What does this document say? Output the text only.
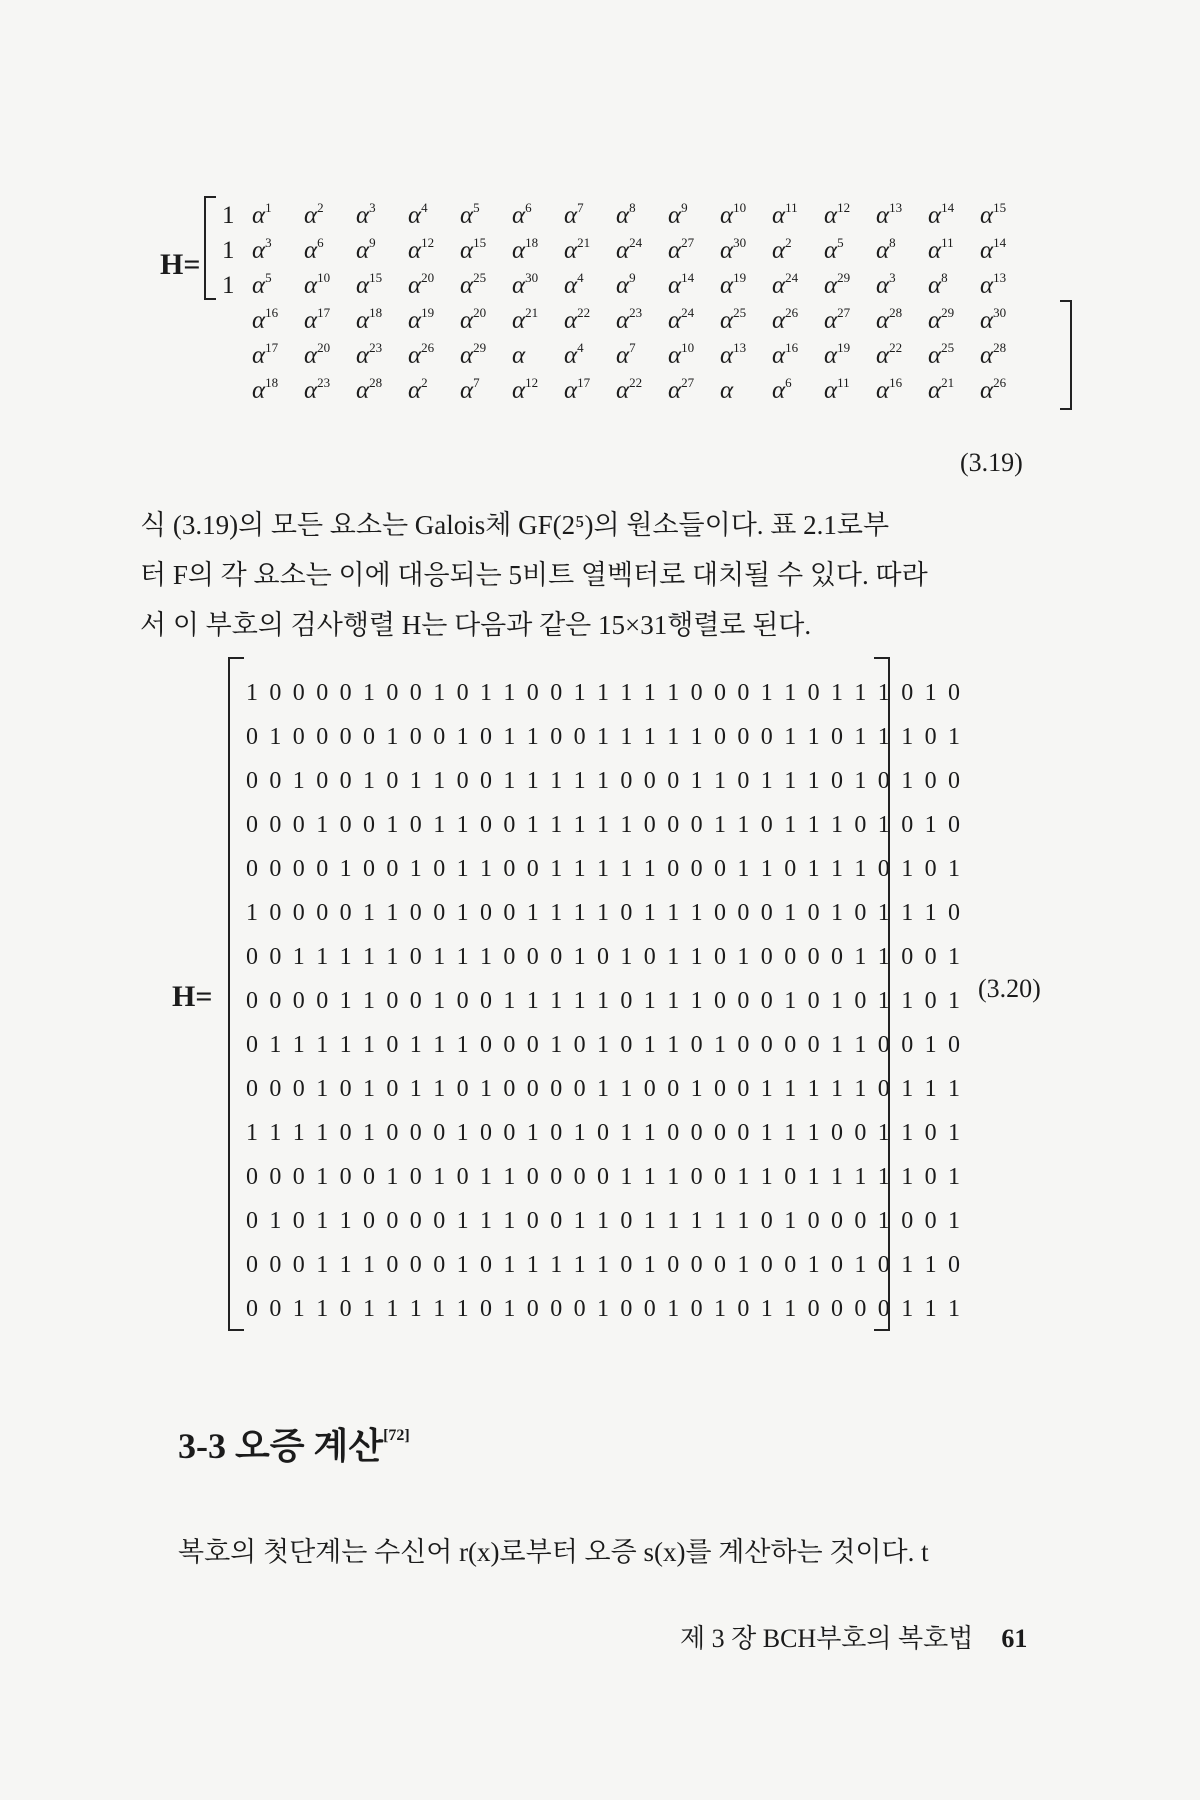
H=
1 $\alpha^1$ $\alpha^2$ $\alpha^3$ $\alpha^4$ $\alpha^5$ $\alpha^6$ $\alpha^7$ $\alpha^8$ $\alpha^9$ $\alpha^{10}$ $\alpha^{11}$ $\alpha^{12}$ $\alpha^{13}$ $\alpha^{14}$ $\alpha^{15}$
1 $\alpha^3$ $\alpha^6$ $\alpha^9$ $\alpha^{12}$ $\alpha^{15}$ $\alpha^{18}$ $\alpha^{21}$ $\alpha^{24}$ $\alpha^{27}$ $\alpha^{30}$ $\alpha^2$ $\alpha^5$ $\alpha^8$ $\alpha^{11}$ $\alpha^{14}$
1 $\alpha^5$ $\alpha^{10}$ $\alpha^{15}$ $\alpha^{20}$ $\alpha^{25}$ $\alpha^{30}$ $\alpha^4$ $\alpha^9$ $\alpha^{14}$ $\alpha^{19}$ $\alpha^{24}$ $\alpha^{29}$ $\alpha^3$ $\alpha^8$ $\alpha^{13}$
$\alpha^{16}$ $\alpha^{17}$ $\alpha^{18}$ $\alpha^{19}$ $\alpha^{20}$ $\alpha^{21}$ $\alpha^{22}$ $\alpha^{23}$ $\alpha^{24}$ $\alpha^{25}$ $\alpha^{26}$ $\alpha^{27}$ $\alpha^{28}$ $\alpha^{29}$ $\alpha^{30}$
$\alpha^{17}$ $\alpha^{20}$ $\alpha^{23}$ $\alpha^{26}$ $\alpha^{29}$ α $\alpha^4$ $\alpha^7$ $\alpha^{10}$ $\alpha^{13}$ $\alpha^{16}$ $\alpha^{19}$ $\alpha^{22}$ $\alpha^{25}$ $\alpha^{28}$
$\alpha^{18}$ $\alpha^{23}$ $\alpha^{28}$ $\alpha^2$ $\alpha^7$ $\alpha^{12}$ $\alpha^{17}$ $\alpha^{22}$ $\alpha^{27}$ α $\alpha^6$ $\alpha^{11}$ $\alpha^{16}$ $\alpha^{21}$ $\alpha^{26}$
(3.19)

식 (3.19)의 모든 요소는 Galois체 GF(2⁵)의 원소들이다. 표 2.1로부

터 F의 각 요소는 이에 대응되는 5비트 열벡터로 대치될 수 있다. 따라

서 이 부호의 검사행렬 H는 다음과 같은 15×31행렬로 된다.

H=
1 0 0 0 0 1 0 0 1 0 1 1 0 0 1 1 1 1 1 0 0 0 1 1 0 1 1 1 0 1 0
0 1 0 0 0 0 1 0 0 1 0 1 1 0 0 1 1 1 1 1 0 0 0 1 1 0 1 1 1 0 1
0 0 1 0 0 1 0 1 1 0 0 1 1 1 1 1 0 0 0 1 1 0 1 1 1 0 1 0 1 0 0
0 0 0 1 0 0 1 0 1 1 0 0 1 1 1 1 1 0 0 0 1 1 0 1 1 1 0 1 0 1 0
0 0 0 0 1 0 0 1 0 1 1 0 0 1 1 1 1 1 0 0 0 1 1 0 1 1 1 0 1 0 1
1 0 0 0 0 1 1 0 0 1 0 0 1 1 1 1 0 1 1 1 0 0 0 1 0 1 0 1 1 1 0
0 0 1 1 1 1 1 0 1 1 1 0 0 0 1 0 1 0 1 1 0 1 0 0 0 0 1 1 0 0 1
0 0 0 0 1 1 0 0 1 0 0 1 1 1 1 1 0 1 1 1 0 0 0 1 0 1 0 1 1 0 1
0 1 1 1 1 1 0 1 1 1 0 0 0 1 0 1 0 1 1 0 1 0 0 0 0 1 1 0 0 1 0
0 0 0 1 0 1 0 1 1 0 1 0 0 0 0 1 1 0 0 1 0 0 1 1 1 1 1 0 1 1 1
1 1 1 1 0 1 0 0 0 1 0 0 1 0 1 0 1 1 0 0 0 0 1 1 1 0 0 1 1 0 1
0 0 0 1 0 0 1 0 1 0 1 1 0 0 0 0 1 1 1 0 0 1 1 0 1 1 1 1 1 0 1
0 1 0 1 1 0 0 0 0 1 1 1 0 0 1 1 0 1 1 1 1 1 0 1 0 0 0 1 0 0 1
0 0 0 1 1 1 0 0 0 1 0 1 1 1 1 1 0 1 0 0 0 1 0 0 1 0 1 0 1 1 0
0 0 1 1 0 1 1 1 1 1 0 1 0 0 0 1 0 0 1 0 1 0 1 1 0 0 0 0 1 1 1
(3.20)
3-3 오증 계산[72]
복호의 첫단계는 수신어 r(x)로부터 오증 s(x)를 계산하는 것이다. t
제 3 장 BCH부호의 복호법 61
